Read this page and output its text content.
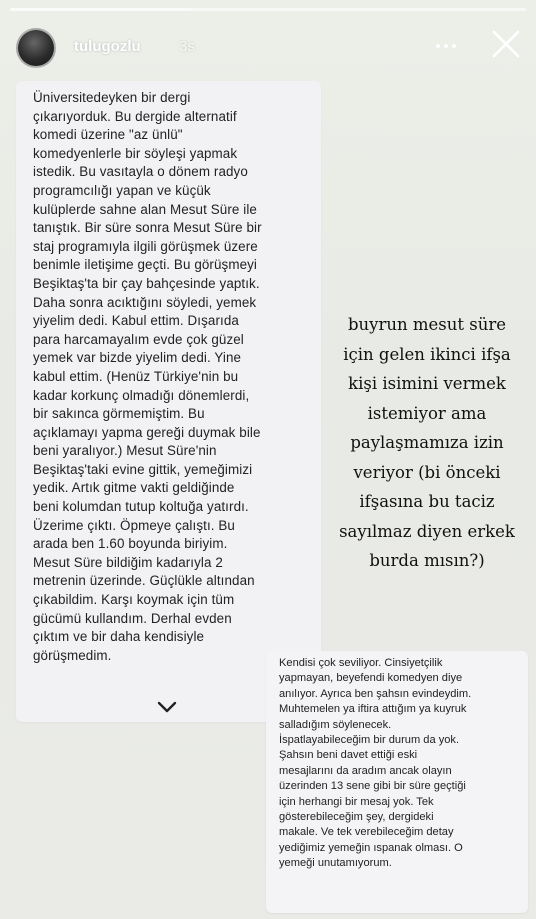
tulugozlu	3s
Üniversitedeyken bir dergi
çıkarıyorduk. Bu dergide alternatif
komedi üzerine "az ünlü"
komedyenlerle bir söyleşi yapmak
istedik. Bu vasıtayla o dönem radyo
programcılığı yapan ve küçük
kulüplerde sahne alan Mesut Süre ile
tanıştık. Bir süre sonra Mesut Süre bir
staj programıyla ilgili görüşmek üzere
benimle iletişime geçti. Bu görüşmeyi
Beşiktaş'ta bir çay bahçesinde yaptık.
Daha sonra acıktığını söyledi, yemek
yiyelim dedi. Kabul ettim. Dışarıda
para harcamayalım evde çok güzel
yemek var bizde yiyelim dedi. Yine
kabul ettim. (Henüz Türkiye'nin bu
kadar korkunç olmadığı dönemlerdi,
bir sakınca görmemiştim. Bu
açıklamayı yapma gereği duymak bile
beni yaralıyor.) Mesut Süre'nin
Beşiktaş'taki evine gittik, yemeğimizi
yedik. Artık gitme vakti geldiğinde
beni kolumdan tutup koltuğa yatırdı.
Üzerime çıktı. Öpmeye çalıştı. Bu
arada ben 1.60 boyunda biriyim.
Mesut Süre bildiğim kadarıyla 2
metrenin üzerinde. Güçlükle altından
çıkabildim. Karşı koymak için tüm
gücümü kullandım. Derhal evden
çıktım ve bir daha kendisiyle
görüşmedim.
buyrun mesut süre
için gelen ikinci ifşa
kişi isimini vermek
istemiyor ama
paylaşmamıza izin
veriyor (bi önceki
ifşasına bu taciz
sayılmaz diyen erkek
burda mısın?)
Kendisi çok seviliyor. Cinsiyetçilik
yapmayan, beyefendi komedyen diye
anılıyor. Ayrıca ben şahsın evindeydim.
Muhtemelen ya iftira attığım ya kuyruk
salladığım söylenecek.
İspatlayabileceğim bir durum da yok.
Şahsın beni davet ettiği eski
mesajlarını da aradım ancak olayın
üzerinden 13 sene gibi bir süre geçtiği
için herhangi bir mesaj yok. Tek
gösterebileceğim şey, dergideki
makale. Ve tek verebileceğim detay
yediğimiz yemeğin ıspanak olması. O
yemeği unutamıyorum.
